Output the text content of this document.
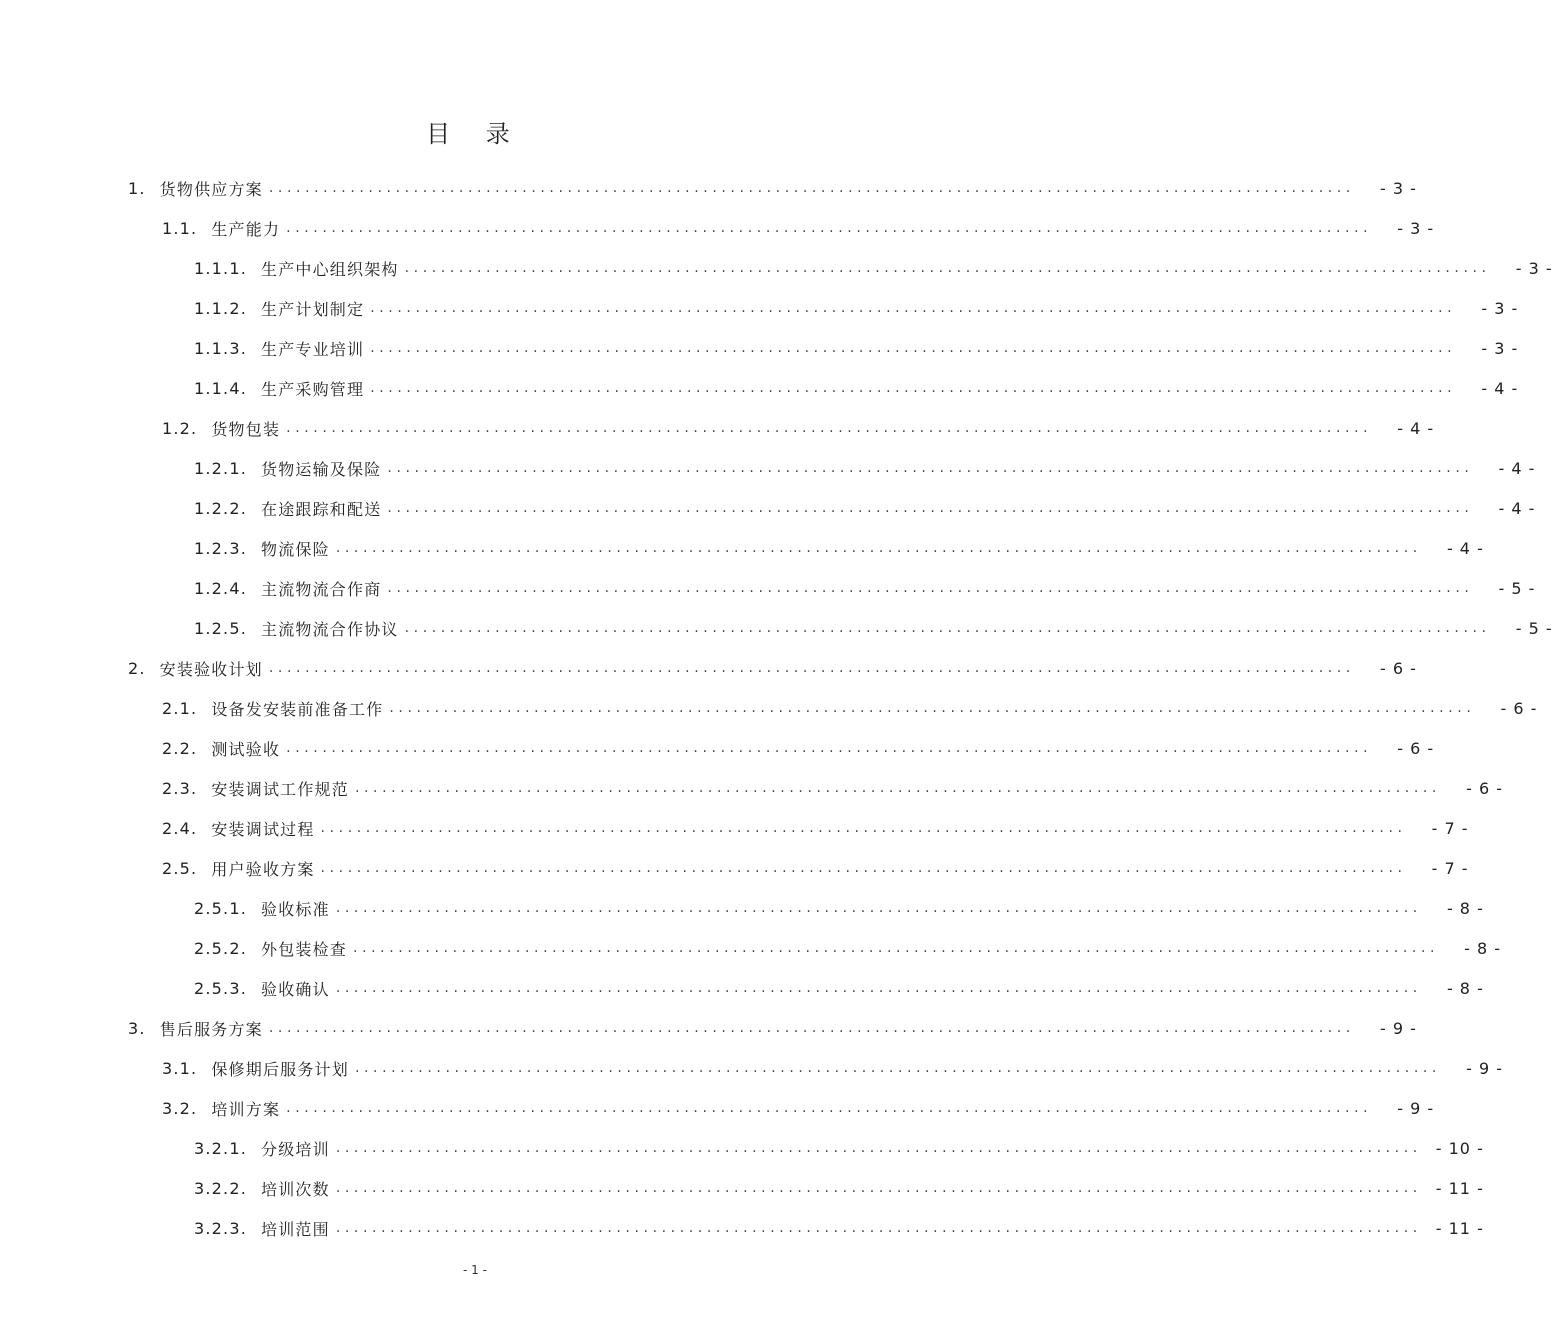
目 录
1. 货物供应方案 ........................................................................................................................	- 3 -
1.1. 生产能力 ........................................................................................................................	- 3 -
1.1.1. 生产中心组织架构 ........................................................................................................................	- 3 -
1.1.2. 生产计划制定 ........................................................................................................................	- 3 -
1.1.3. 生产专业培训 ........................................................................................................................	- 3 -
1.1.4. 生产采购管理 ........................................................................................................................	- 4 -
1.2. 货物包装 ........................................................................................................................	- 4 -
1.2.1. 货物运输及保险 ........................................................................................................................	- 4 -
1.2.2. 在途跟踪和配送 ........................................................................................................................	- 4 -
1.2.3. 物流保险 ........................................................................................................................	- 4 -
1.2.4. 主流物流合作商 ........................................................................................................................	- 5 -
1.2.5. 主流物流合作协议 ........................................................................................................................	- 5 -
2. 安装验收计划 ........................................................................................................................	- 6 -
2.1. 设备发安装前准备工作 ........................................................................................................................	- 6 -
2.2. 测试验收 ........................................................................................................................	- 6 -
2.3. 安装调试工作规范 ........................................................................................................................	- 6 -
2.4. 安装调试过程 ........................................................................................................................	- 7 -
2.5. 用户验收方案 ........................................................................................................................	- 7 -
2.5.1. 验收标准 ........................................................................................................................	- 8 -
2.5.2. 外包装检查 ........................................................................................................................	- 8 -
2.5.3. 验收确认 ........................................................................................................................	- 8 -
3. 售后服务方案 ........................................................................................................................	- 9 -
3.1. 保修期后服务计划 ........................................................................................................................	- 9 -
3.2. 培训方案 ........................................................................................................................	- 9 -
3.2.1. 分级培训 ........................................................................................................................ - 10 -
3.2.2. 培训次数 ........................................................................................................................ - 11 -
3.2.3. 培训范围 ........................................................................................................................ - 11 -
- 1 -
